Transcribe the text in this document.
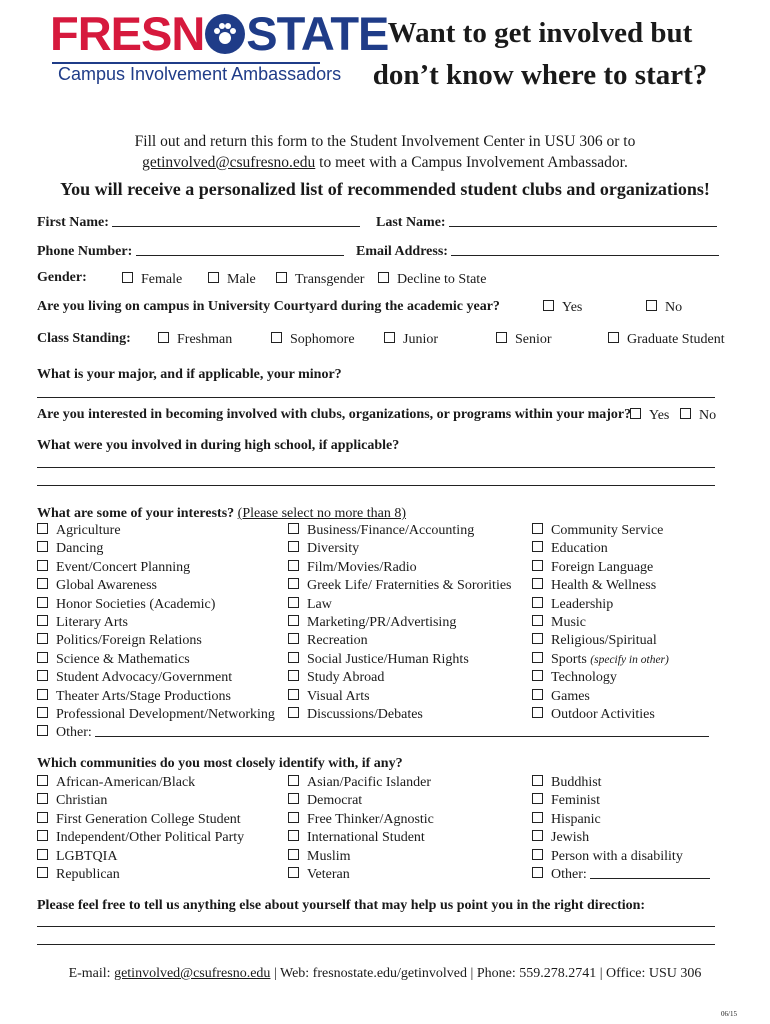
FRESN STATE
Campus Involvement Ambassadors
Want to get involved but
don’t know where to start?
Fill out and return this form to the Student Involvement Center in USU 306 or to
getinvolved@csufresno.edu to meet with a Campus Involvement Ambassador.
You will receive a personalized list of recommended student clubs and organizations!
First Name:	Last Name:
Phone Number:	Email Address:
Gender:	Female	Male	Transgender	Decline to State
Are you living on campus in University Courtyard during the academic year?	Yes	No
Class Standing:	Freshman	Sophomore	Junior	Senior	Graduate Student
What is your major, and if applicable, your minor?
Are you interested in becoming involved with clubs, organizations, or programs within your major?	Yes	No
What were you involved in during high school, if applicable?
What are some of your interests? (Please select no more than 8)
Agriculture
Dancing
Event/Concert Planning
Global Awareness
Honor Societies (Academic)
Literary Arts
Politics/Foreign Relations
Science & Mathematics
Student Advocacy/Government
Theater Arts/Stage Productions
Professional Development/Networking
Other:
Business/Finance/Accounting
Diversity
Film/Movies/Radio
Greek Life/ Fraternities & Sororities
Law
Marketing/PR/Advertising
Recreation
Social Justice/Human Rights
Study Abroad
Visual Arts
Discussions/Debates
Community Service
Education
Foreign Language
Health & Wellness
Leadership
Music
Religious/Spiritual
Sports (specify in other)
Technology
Games
Outdoor Activities
Which communities do you most closely identify with, if any?
African-American/Black
Christian
First Generation College Student
Independent/Other Political Party
LGBTQIA
Republican
Asian/Pacific Islander
Democrat
Free Thinker/Agnostic
International Student
Muslim
Veteran
Buddhist
Feminist
Hispanic
Jewish
Person with a disability
Other:
Please feel free to tell us anything else about yourself that may help us point you in the right direction:
E-mail: getinvolved@csufresno.edu | Web: fresnostate.edu/getinvolved | Phone: 559.278.2741 | Office: USU 306
06/15
